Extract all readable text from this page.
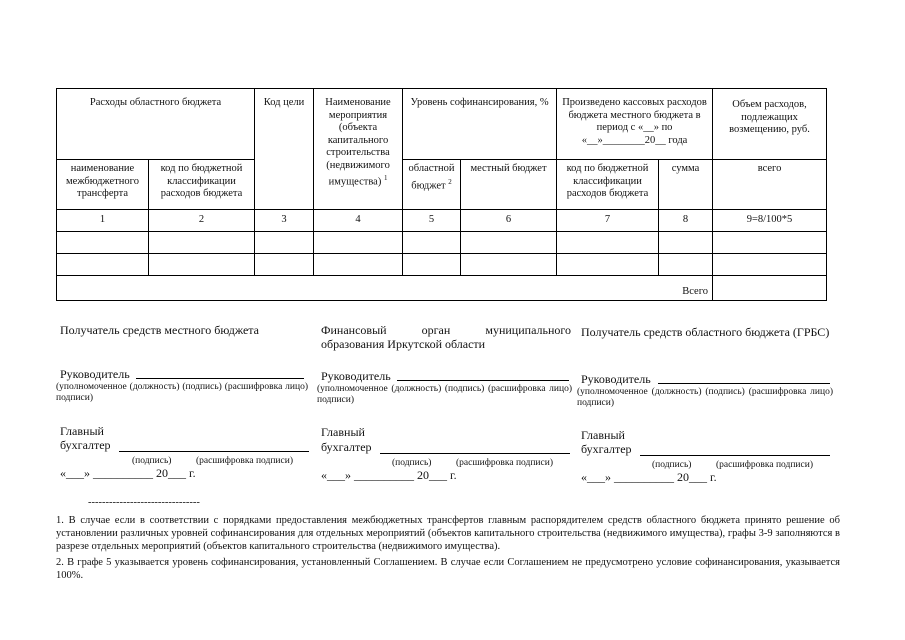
Расходы областного бюджета		Код цели	Наименование мероприятия (объекта капитального строительства (недвижимого имущества) $^1$	Уровень софинансирования, %		Произведено кассовых расходов бюджета местного бюджета в период с «__» по «__»________20__ года		Объем расходов, подлежащих возмещению, руб.
наименование межбюджетного трансферта	код по бюджетной классификации расходов бюджета			областной бюджет $^2$	местный бюджет	код по бюджетной классификации расходов бюджета	сумма	всего
1	2	3	4	5	6	7	8	9=8/100*5

Всего								
Получатель средств местного бюджета
Руководитель
(уполномоченное (должность) (подпись) (расшифровка лицо) подписи)
Главный
бухгалтер
(подпись)	(расшифровка подписи)
«___» __________ 20___ г.
Финансовый орган муниципального образования Иркутской области
Руководитель
(уполномоченное (должность) (подпись) (расшифровка лицо) подписи)
Главный
бухгалтер
(подпись)	(расшифровка подписи)
«___» __________ 20___ г.
Получатель средств областного бюджета (ГРБС)
Руководитель
(уполномоченное (должность) (подпись) (расшифровка лицо) подписи)
Главный
бухгалтер
(подпись)	(расшифровка подписи)
«___» __________ 20___ г.
--------------------------------
1. В случае если в соответствии с порядками предоставления межбюджетных трансфертов главным распорядителем средств областного бюджета принято решение об установлении различных уровней софинансирования для отдельных мероприятий (объектов капитального строительства (недвижимого имущества), графы 3-9 заполняются в разрезе отдельных мероприятий (объектов капитального строительства (недвижимого имущества).
2. В графе 5 указывается уровень софинансирования, установленный Соглашением. В случае если Соглашением не предусмотрено условие софинансирования, указывается 100%.
